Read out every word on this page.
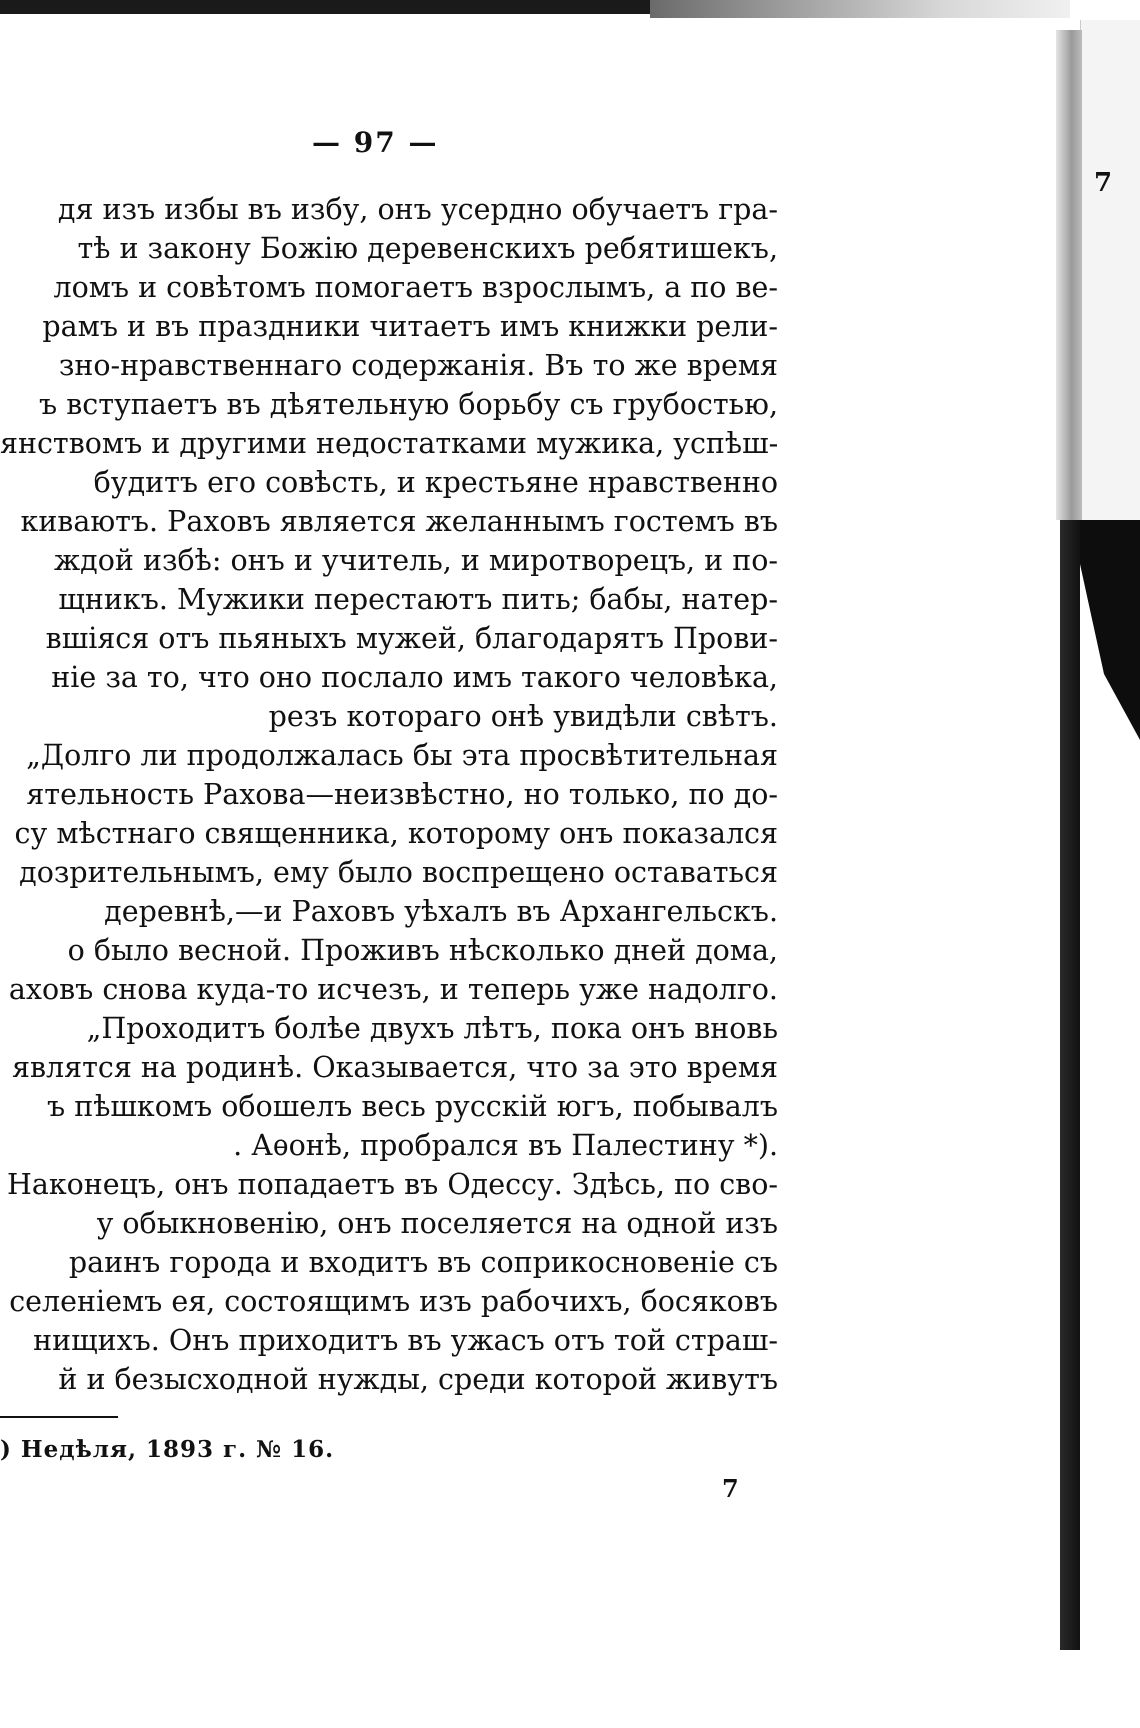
7
— 97 —
дя изъ избы въ избу, онъ усердно обучаетъ гра-
тѣ и закону Божію деревенскихъ ребятишекъ,
ломъ и совѣтомъ помогаетъ взрослымъ, а по ве-
рамъ и въ праздники читаетъ имъ книжки рели-
зно-нравственнаго содержанія. Въ то же время
ъ вступаетъ въ дѣятельную борьбу съ грубостью,
янствомъ и другими недостатками мужика, успѣш-
будитъ его совѣсть, и крестьяне нравственно
киваютъ. Раховъ является желаннымъ гостемъ въ
ждой избѣ: онъ и учитель, и миротворецъ, и по-
щникъ. Мужики перестаютъ пить; бабы, натер-
вшіяся отъ пьяныхъ мужей, благодарятъ Прови-
ніе за то, что оно послало имъ такого человѣка,
резъ котораго онѣ увидѣли свѣтъ.
„Долго ли продолжалась бы эта просвѣтительная
ятельность Рахова—неизвѣстно, но только, по до-
су мѣстнаго священника, которому онъ показался
дозрительнымъ, ему было воспрещено оставаться
деревнѣ,—и Раховъ уѣхалъ въ Архангельскъ.
о было весной. Проживъ нѣсколько дней дома,
аховъ снова куда-то исчезъ, и теперь уже надолго.
„Проходитъ болѣе двухъ лѣтъ, пока онъ вновь
являтся на родинѣ. Оказывается, что за это время
ъ пѣшкомъ обошелъ весь русскій югъ, побывалъ
. Аѳонѣ, пробрался въ Палестину *).
Наконецъ, онъ попадаетъ въ Одессу. Здѣсь, по сво-
у обыкновенію, онъ поселяется на одной изъ
раинъ города и входитъ въ соприкосновеніе съ
селеніемъ ея, состоящимъ изъ рабочихъ, босяковъ
нищихъ. Онъ приходитъ въ ужасъ отъ той страш-
й и безысходной нужды, среди которой живутъ
) Недѣля, 1893 г. № 16.
7
